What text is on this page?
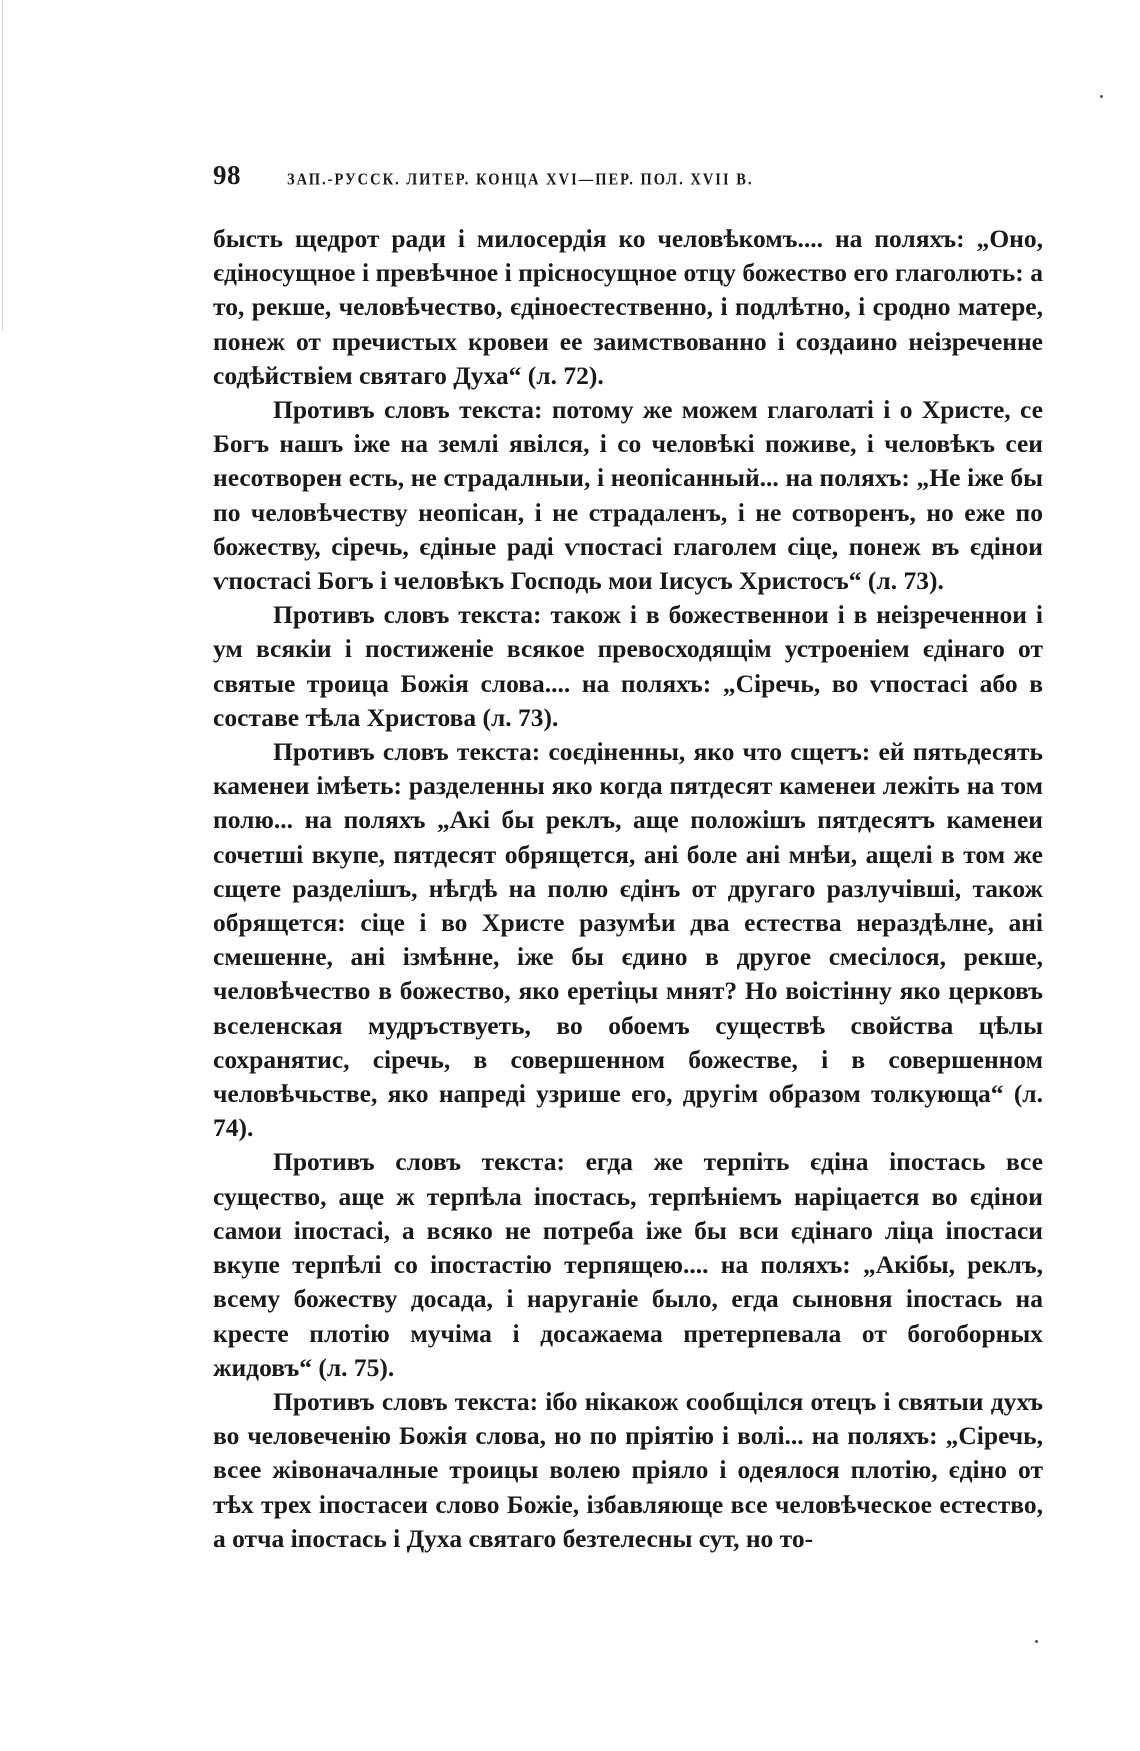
98	ЗАП.-РУССК. ЛИТЕР. КОНЦА XVI—ПЕР. ПОЛ. XVII В.

бысть щедрот ради і милосердія ко человѣкомъ.... на поляхъ: „Оно, єдіносущное і превѣчное і прісносущное отцу божество его глаголють: а то, рекше, человѣчество, єдіноестественно, і подлѣтно, і сродно матере, понеж от пречистых кровеи ее заимствованно і создаино неізреченне содѣйствіем святаго Духа“ (л. 72).

Противъ словъ текста: потому же можем глаголаті і о Христе, се Богъ нашъ іже на землі явілся, і со человѣкі поживе, і человѣкъ сеи несотворен есть, не страдалныи, і неопісанный... на поляхъ: „Не іже бы по человѣчеству неопісан, і не страдаленъ, і не сотворенъ, но еже по божеству, сіречь, єдіные раді ѵпостасі глаголем сіце, понеж въ єдінои ѵпостасі Богъ і человѣкъ Господь мои Іисусъ Христосъ“ (л. 73).

Противъ словъ текста: також і в божественнои і в неізреченнои і ум всякіи і постиженіе всякое превосходящім устроеніем єдінаго от святые троица Божія слова.... на поляхъ: „Сіречь, во ѵпостасі або в составе тѣла Христова (л. 73).

Противъ словъ текста: соєдіненны, яко что сщетъ: ей пятьдесять каменеи імѣеть: разделенны яко когда пятдесят каменеи лежіть на том полю... на поляхъ „Акі бы реклъ, аще положішъ пятдесятъ каменеи сочетші вкупе, пятдесят обрящется, ані боле ані мнѣи, ащелі в том же сщете разделішъ, нѣгдѣ на полю єдінъ от другаго разлучівші, також обрящется: сіце і во Христе разумѣи два естества нераздѣлне, ані смешенне, ані ізмѣнне, іже бы єдино в другое смесілося, рекше, человѣчество в божество, яко еретіцы мнят? Но воістінну яко церковъ вселенская мудръствуеть, во обоемъ существѣ свойства цѣлы сохранятис, сіречь, в совершенном божестве, і в совершенном человѣчьстве, яко напреді узрише его, другім образом толкующа“ (л. 74).

Противъ словъ текста: егда же терпіть єдіна іпостась все существо, аще ж терпѣла іпостась, терпѣніемъ наріцается во єдінои самои іпостасі, а всяко не потреба іже бы вси єдінаго ліца іпостаси вкупе терпѣлі со іпостастію терпящею.... на поляхъ: „Акібы, реклъ, всему божеству досада, і наруганіе было, егда сыновня іпостась на кресте плотію мучіма і досажаема претерпевала от богоборных жидовъ“ (л. 75).

Противъ словъ текста: ібо нікакож сообщілся отецъ і святыи духъ во человеченію Божія слова, но по пріятію і волі... на поляхъ: „Сіречь, всее жівоначалные троицы волею пріяло і одеялося плотію, єдіно от тѣх трех іпостасеи слово Божіе, ізбавляюще все человѣческое естество, а отча іпостась і Духа святаго безтелесны сут, но то-
